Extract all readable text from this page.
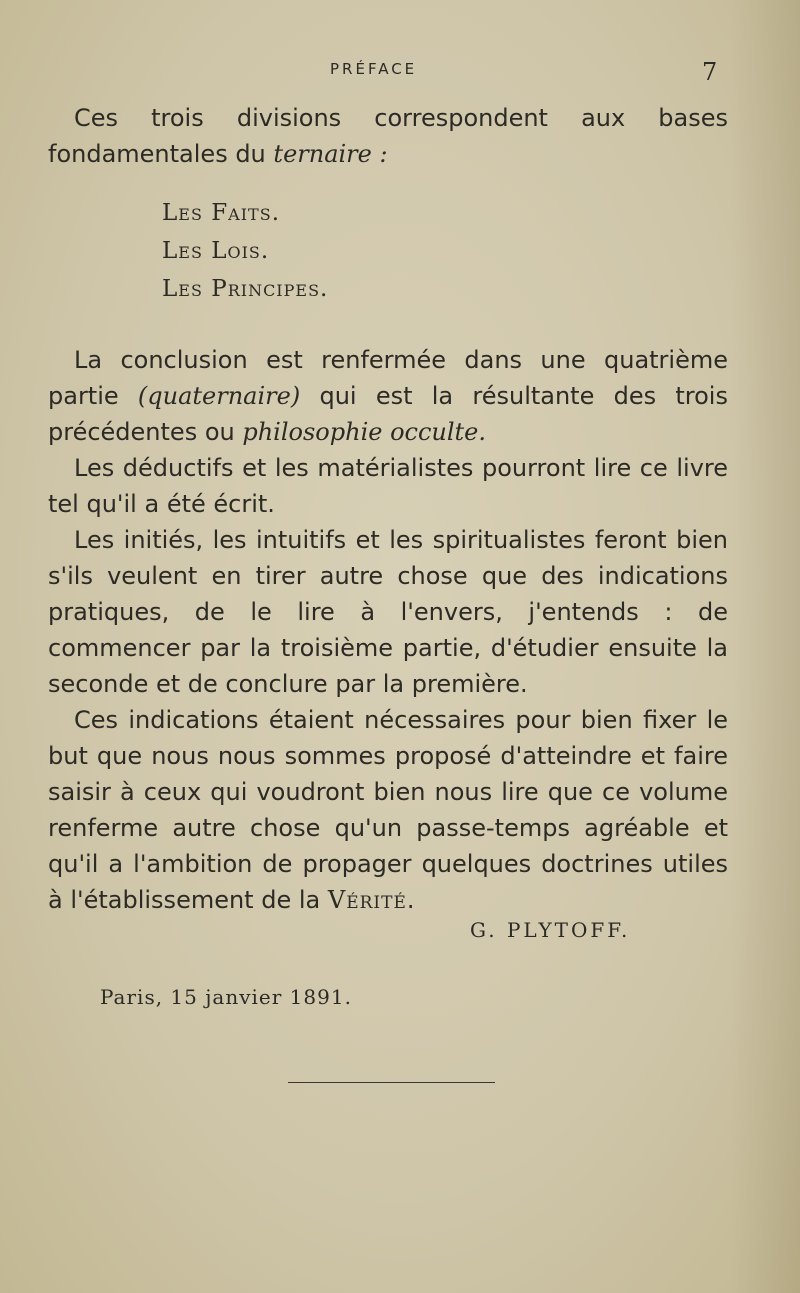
PRÉFACE	7

Ces trois divisions correspondent aux bases fondamentales du ternaire :

Les Faits.
Les Lois.
Les Principes.

La conclusion est renfermée dans une quatrième partie (quaternaire) qui est la résultante des trois précédentes ou philosophie occulte.

Les déductifs et les matérialistes pourront lire ce livre tel qu'il a été écrit.

Les initiés, les intuitifs et les spiritualistes feront bien s'ils veulent en tirer autre chose que des indications pratiques, de le lire à l'envers, j'entends : de commencer par la troisième partie, d'étudier ensuite la seconde et de conclure par la première.

Ces indications étaient nécessaires pour bien fixer le but que nous nous sommes proposé d'atteindre et faire saisir à ceux qui voudront bien nous lire que ce volume renferme autre chose qu'un passe-temps agréable et qu'il a l'ambition de propager quelques doctrines utiles à l'établissement de la Vérité.

G. PLYTOFF.
Paris, 15 janvier 1891.
